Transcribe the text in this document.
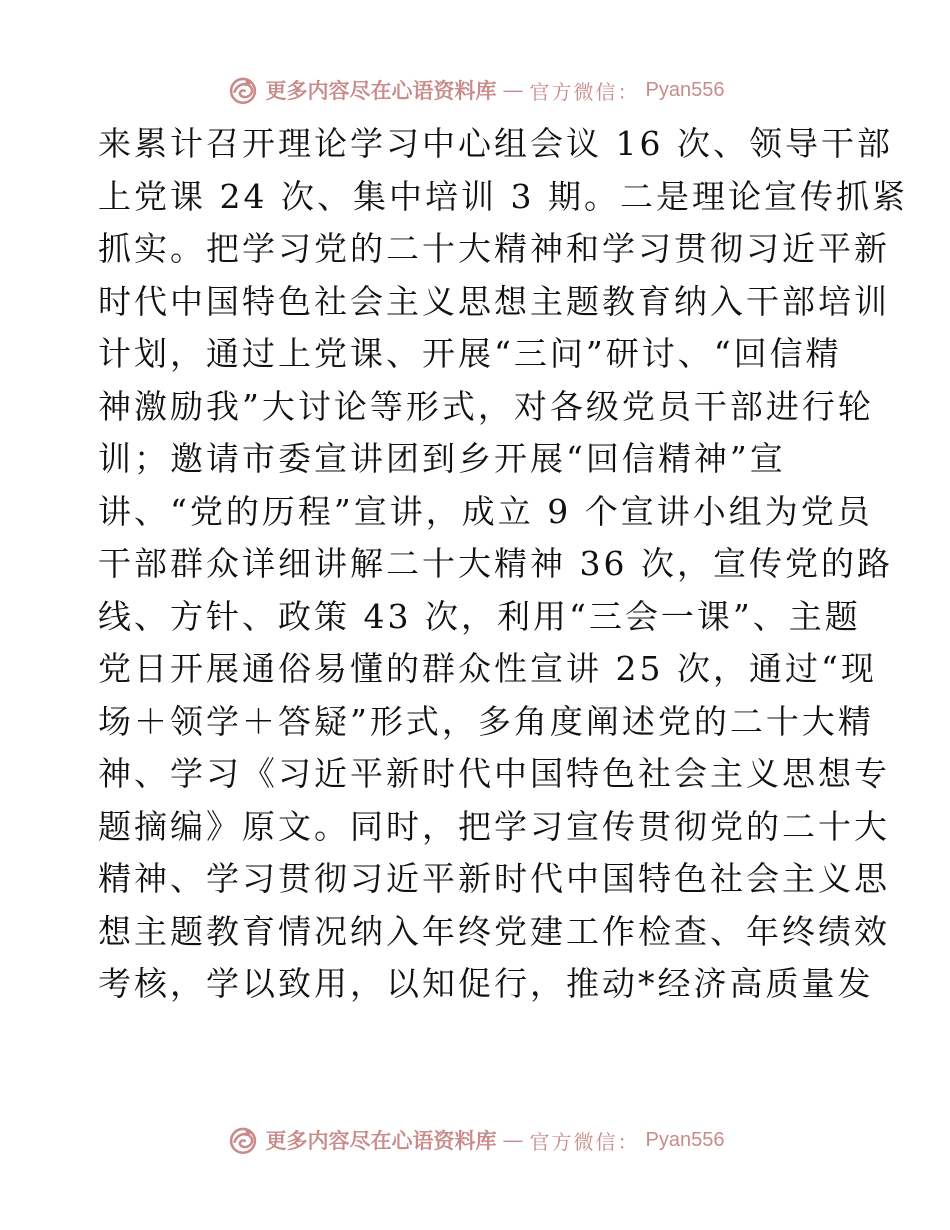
更多内容尽在心语资料库 — 官方微信： Pyan556
来累计召开理论学习中心组会议 16 次、领导干部
上党课 24 次、集中培训 3 期。二是理论宣传抓紧
抓实。把学习党的二十大精神和学习贯彻习近平新
时代中国特色社会主义思想主题教育纳入干部培训
计划，通过上党课、开展“三问”研讨、“回信精
神激励我”大讨论等形式，对各级党员干部进行轮
训；邀请市委宣讲团到乡开展“回信精神”宣
讲、“党的历程”宣讲，成立 9 个宣讲小组为党员
干部群众详细讲解二十大精神 36 次，宣传党的路
线、方针、政策 43 次，利用“三会一课”、主题
党日开展通俗易懂的群众性宣讲 25 次，通过“现
场＋领学＋答疑”形式，多角度阐述党的二十大精
神、学习《习近平新时代中国特色社会主义思想专
题摘编》原文。同时，把学习宣传贯彻党的二十大
精神、学习贯彻习近平新时代中国特色社会主义思
想主题教育情况纳入年终党建工作检查、年终绩效
考核，学以致用，以知促行，推动*经济高质量发
更多内容尽在心语资料库 — 官方微信： Pyan556
